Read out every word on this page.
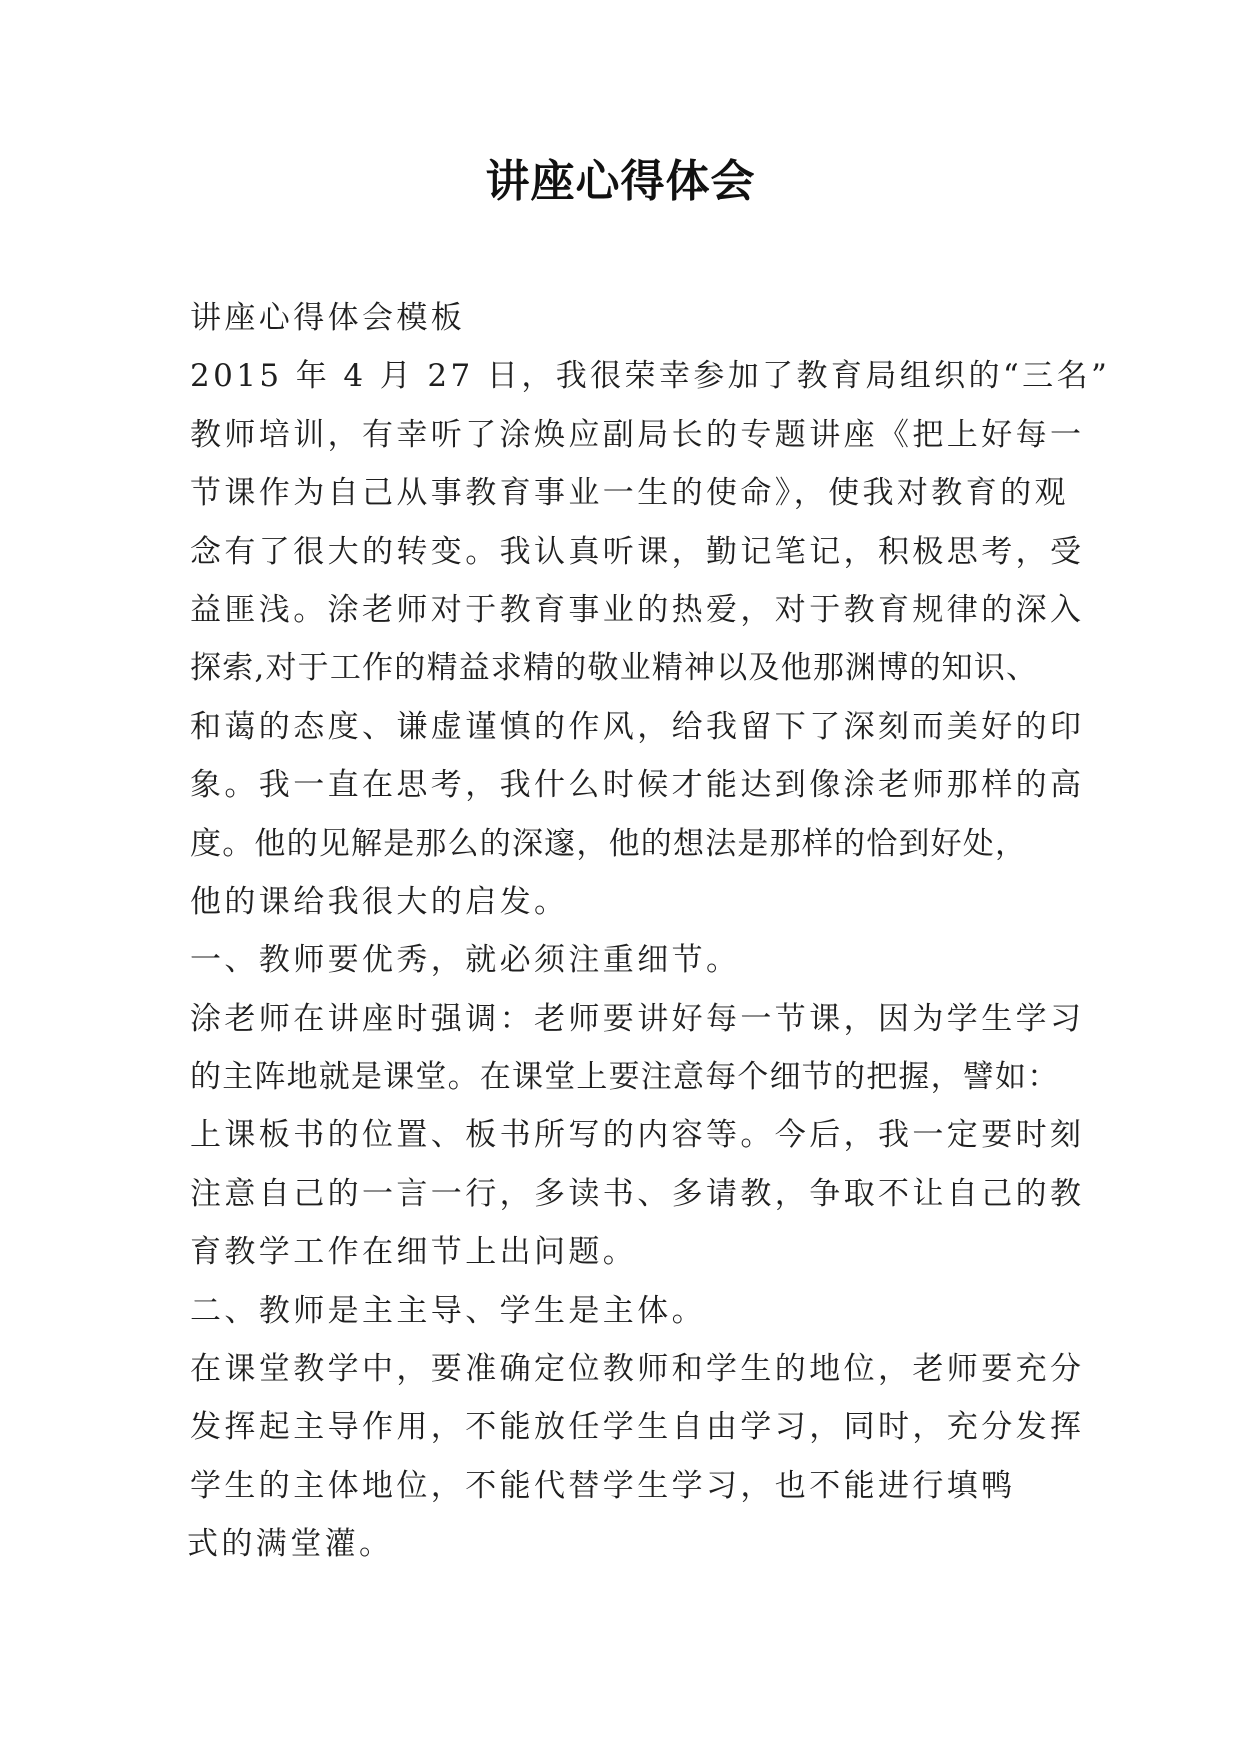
讲座心得体会
讲座心得体会模板
2015 年 4 月 27 日，我很荣幸参加了教育局组织的“三名”
教师培训，有幸听了涂焕应副局长的专题讲座《把上好每一
节课作为自己从事教育事业一生的使命》，使我对教育的观
念有了很大的转变。我认真听课，勤记笔记，积极思考，受
益匪浅。涂老师对于教育事业的热爱，对于教育规律的深入
探索,对于工作的精益求精的敬业精神以及他那渊博的知识、
和蔼的态度、谦虚谨慎的作风，给我留下了深刻而美好的印
象。我一直在思考，我什么时候才能达到像涂老师那样的高
度。他的见解是那么的深邃，他的想法是那样的恰到好处，
他的课给我很大的启发。
一、教师要优秀，就必须注重细节。
涂老师在讲座时强调：老师要讲好每一节课，因为学生学习
的主阵地就是课堂。在课堂上要注意每个细节的把握，譬如：
上课板书的位置、板书所写的内容等。今后，我一定要时刻
注意自己的一言一行，多读书、多请教，争取不让自己的教
育教学工作在细节上出问题。
二、教师是主主导、学生是主体。
在课堂教学中，要准确定位教师和学生的地位，老师要充分
发挥起主导作用，不能放任学生自由学习，同时，充分发挥
学生的主体地位，不能代替学生学习，也不能进行填鸭
式的满堂灌。
